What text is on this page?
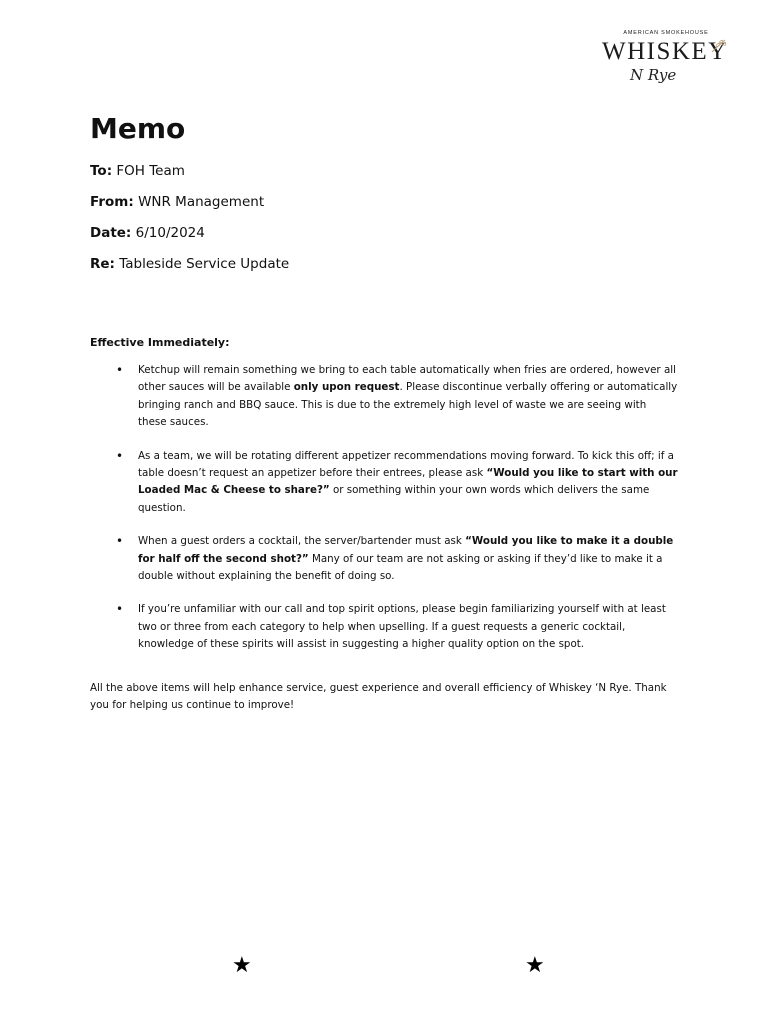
AMERICAN SMOKEHOUSE
WHISKEY
N Rye
Memo
To: FOH Team
From: WNR Management
Date: 6/10/2024
Re: Tableside Service Update
Effective Immediately:
• Ketchup will remain something we bring to each table automatically when fries are ordered, however all other sauces will be available only upon request. Please discontinue verbally offering or automatically bringing ranch and BBQ sauce. This is due to the extremely high level of waste we are seeing with these sauces.
• As a team, we will be rotating different appetizer recommendations moving forward. To kick this off; if a table doesn’t request an appetizer before their entrees, please ask “Would you like to start with our Loaded Mac & Cheese to share?” or something within your own words which delivers the same question.
• When a guest orders a cocktail, the server/bartender must ask “Would you like to make it a double for half off the second shot?” Many of our team are not asking or asking if they’d like to make it a double without explaining the benefit of doing so.
• If you’re unfamiliar with our call and top spirit options, please begin familiarizing yourself with at least two or three from each category to help when upselling. If a guest requests a generic cocktail, knowledge of these spirits will assist in suggesting a higher quality option on the spot.
All the above items will help enhance service, guest experience and overall efficiency of Whiskey ‘N Rye. Thank you for helping us continue to improve!
★	★
